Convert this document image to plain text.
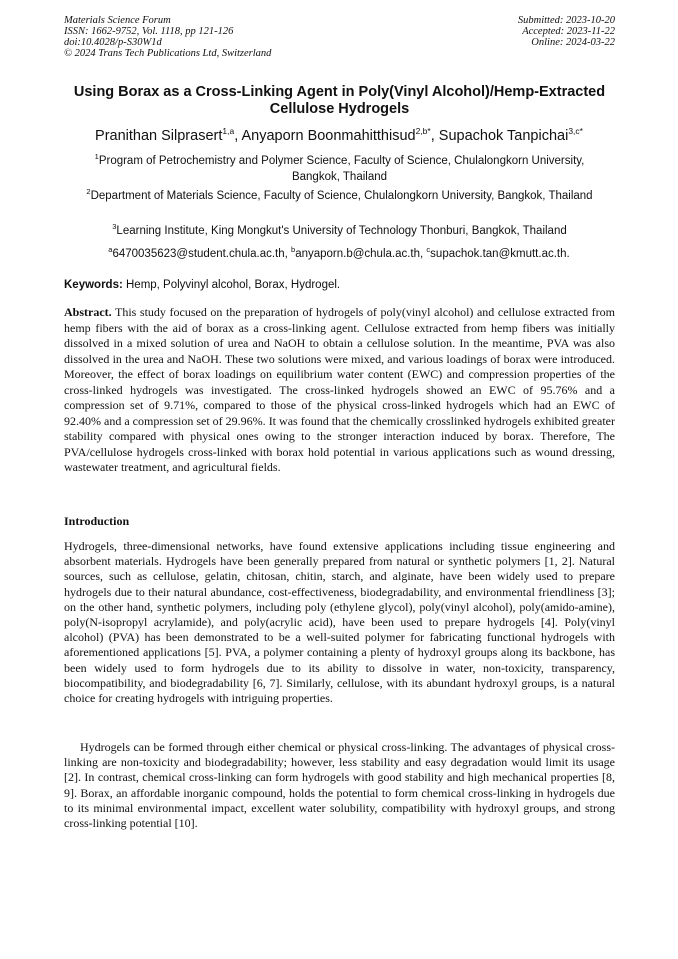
Materials Science Forum
ISSN: 1662-9752, Vol. 1118, pp 121-126
doi:10.4028/p-S30W1d
© 2024 Trans Tech Publications Ltd, Switzerland
Submitted: 2023-10-20
Accepted: 2023-11-22
Online: 2024-03-22
Using Borax as a Cross-Linking Agent in Poly(Vinyl Alcohol)/Hemp-Extracted Cellulose Hydrogels
Pranithan Silprasert$^{1,a}$, Anyaporn Boonmahitthisud$^{2,b*}$, Supachok Tanpichai$^{3,c*}$
$^1$Program of Petrochemistry and Polymer Science, Faculty of Science, Chulalongkorn University, Bangkok, Thailand
$^2$Department of Materials Science, Faculty of Science, Chulalongkorn University, Bangkok, Thailand
$^3$Learning Institute, King Mongkut's University of Technology Thonburi, Bangkok, Thailand
$^a$6470035623@student.chula.ac.th, $^b$anyaporn.b@chula.ac.th, $^c$supachok.tan@kmutt.ac.th.
Keywords: Hemp, Polyvinyl alcohol, Borax, Hydrogel.
Abstract. This study focused on the preparation of hydrogels of poly(vinyl alcohol) and cellulose extracted from hemp fibers with the aid of borax as a cross-linking agent. Cellulose extracted from hemp fibers was initially dissolved in a mixed solution of urea and NaOH to obtain a cellulose solution. In the meantime, PVA was also dissolved in the urea and NaOH. These two solutions were mixed, and various loadings of borax were introduced. Moreover, the effect of borax loadings on equilibrium water content (EWC) and compression properties of the cross-linked hydrogels was investigated. The cross-linked hydrogels showed an EWC of 95.76% and a compression set of 9.71%, compared to those of the physical cross-linked hydrogels which had an EWC of 92.40% and a compression set of 29.96%. It was found that the chemically crosslinked hydrogels exhibited greater stability compared with physical ones owing to the stronger interaction induced by borax. Therefore, The PVA/cellulose hydrogels cross-linked with borax hold potential in various applications such as wound dressing, wastewater treatment, and agricultural fields.
Introduction
Hydrogels, three-dimensional networks, have found extensive applications including tissue engineering and absorbent materials. Hydrogels have been generally prepared from natural or synthetic polymers [1, 2]. Natural sources, such as cellulose, gelatin, chitosan, chitin, starch, and alginate, have been widely used to prepare hydrogels due to their natural abundance, cost-effectiveness, biodegradability, and environmental friendliness [3]; on the other hand, synthetic polymers, including poly (ethylene glycol), poly(vinyl alcohol), poly(amido-amine), poly(N-isopropyl acrylamide), and poly(acrylic acid), have been used to prepare hydrogels [4]. Poly(vinyl alcohol) (PVA) has been demonstrated to be a well-suited polymer for fabricating functional hydrogels with aforementioned applications [5]. PVA, a polymer containing a plenty of hydroxyl groups along its backbone, has been widely used to form hydrogels due to its ability to dissolve in water, non-toxicity, transparency, biocompatibility, and biodegradability [6, 7]. Similarly, cellulose, with its abundant hydroxyl groups, is a natural choice for creating hydrogels with intriguing properties.
Hydrogels can be formed through either chemical or physical cross-linking. The advantages of physical cross-linking are non-toxicity and biodegradability; however, less stability and easy degradation would limit its usage [2]. In contrast, chemical cross-linking can form hydrogels with good stability and high mechanical properties [8, 9]. Borax, an affordable inorganic compound, holds the potential to form chemical cross-linking in hydrogels due to its minimal environmental impact, excellent water solubility, compatibility with hydroxyl groups, and strong cross-linking potential [10].
